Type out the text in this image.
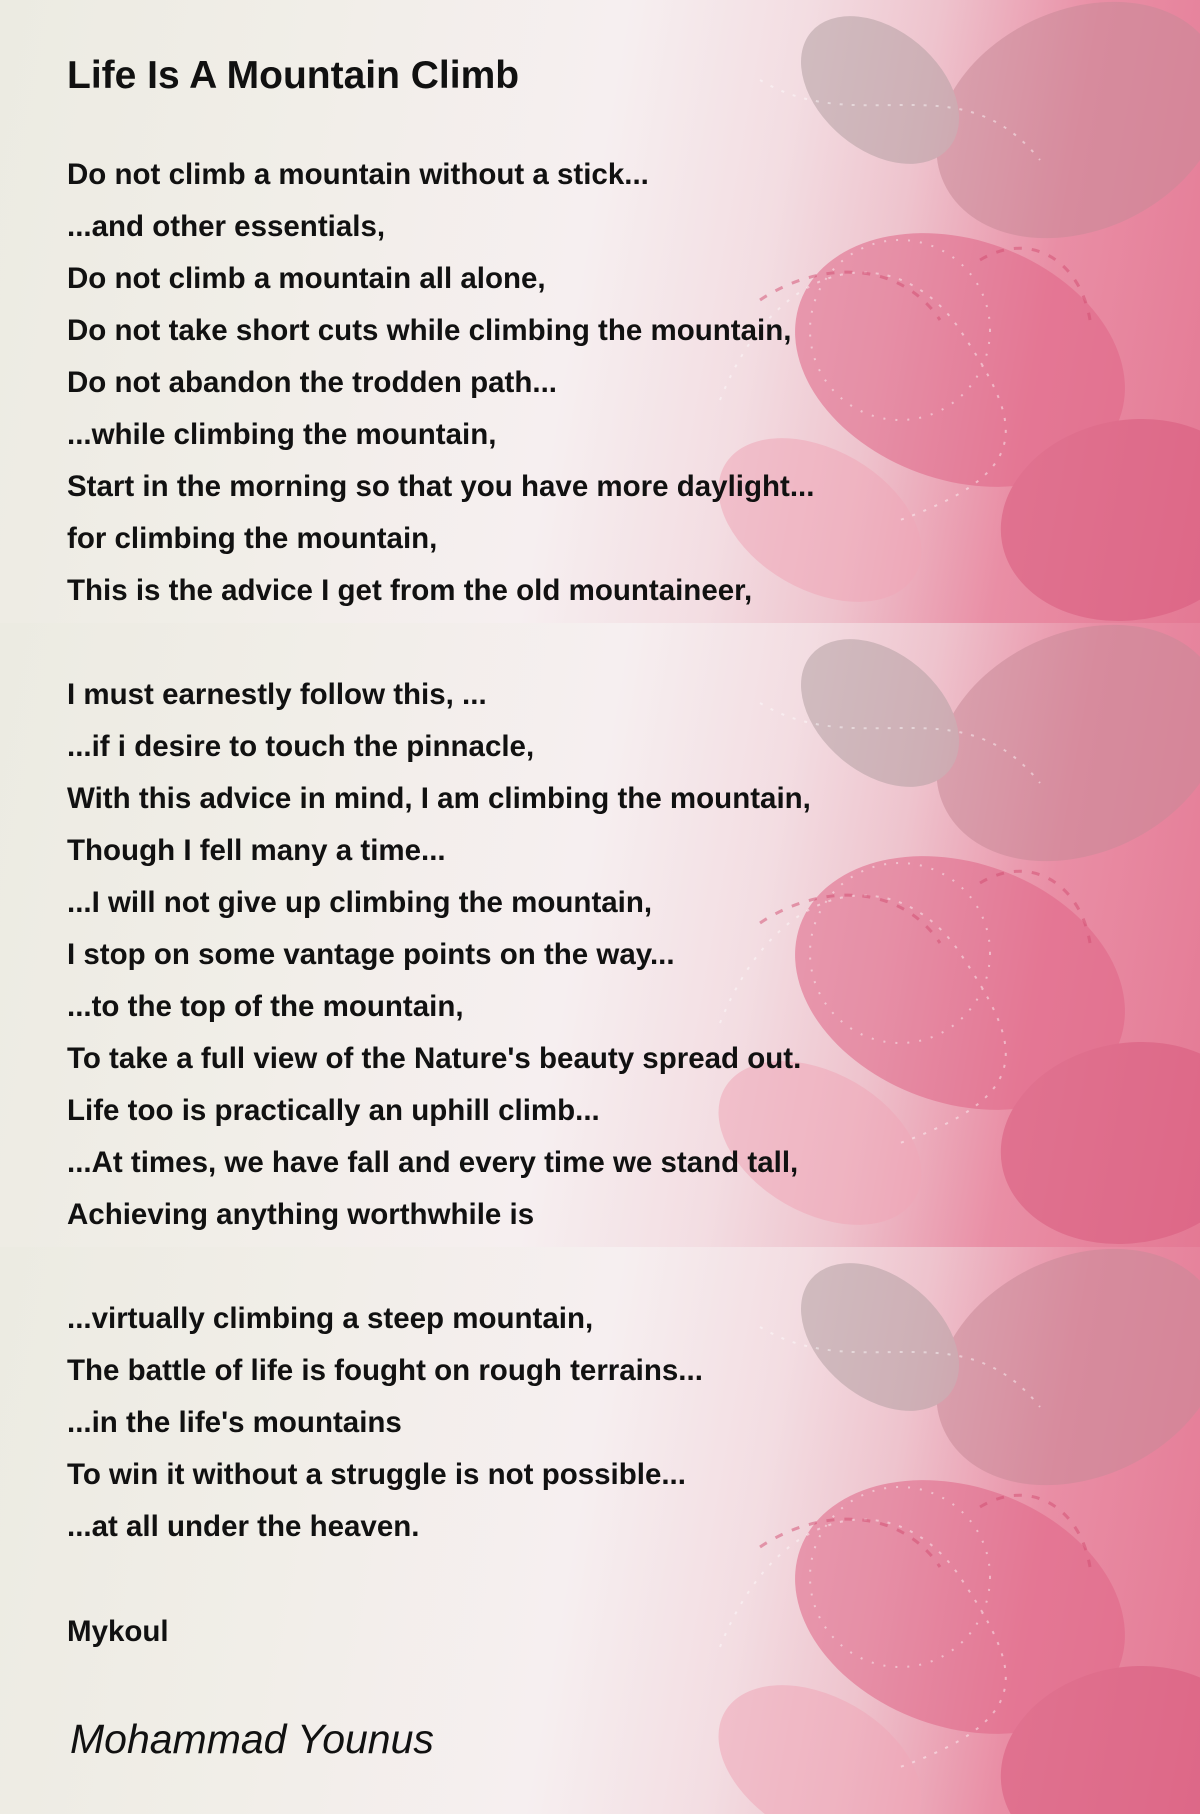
Life Is A Mountain Climb
Do not climb a mountain without a stick...
...and other essentials,
Do not climb a mountain all alone,
Do not take short cuts while climbing the mountain,
Do not abandon the trodden path...
...while climbing the mountain,
Start in the morning so that you have more daylight...
for climbing the mountain,
This is the advice I get from the old mountaineer,
I must earnestly follow this, ...
...if i desire to touch the pinnacle,
With this advice in mind, I am climbing the mountain,
Though I fell many a time...
...I will not give up climbing the mountain,
I stop on some vantage points on the way...
...to the top of the mountain,
To take a full view of the Nature's beauty spread out.
Life too is practically an uphill climb...
...At times, we have fall and every time we stand tall,
Achieving anything worthwhile is
...virtually climbing a steep mountain,
The battle of life is fought on rough terrains...
...in the life's mountains
To win it without a struggle is not possible...
...at all under the heaven.
Mykoul
Mohammad Younus
